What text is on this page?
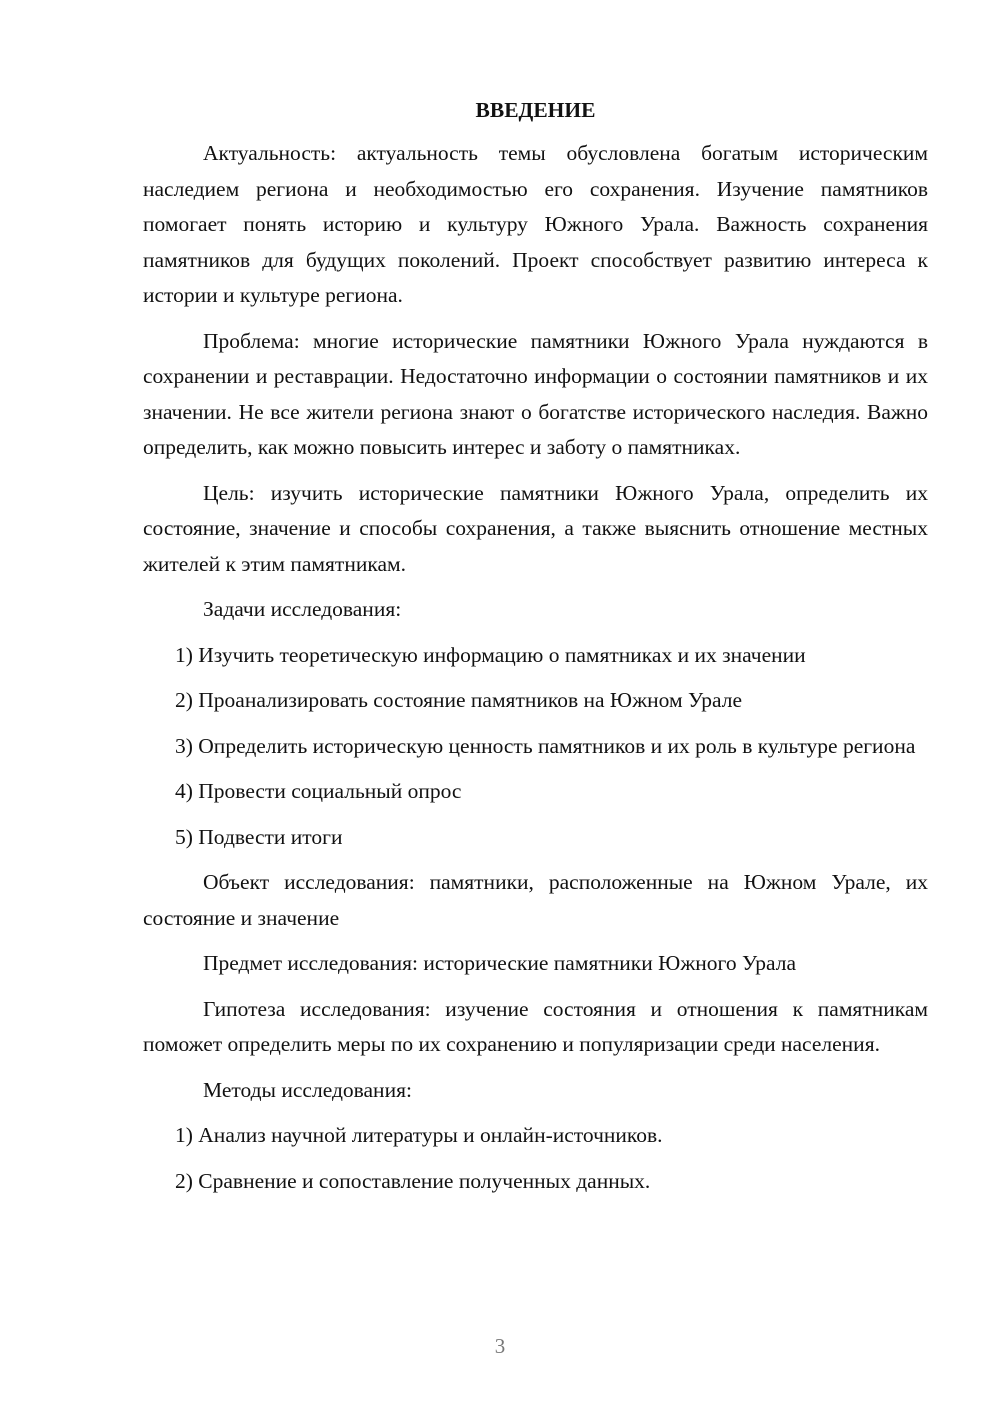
ВВЕДЕНИЕ

Актуальность: актуальность темы обусловлена богатым историческим наследием региона и необходимостью его сохранения. Изучение памятников помогает понять историю и культуру Южного Урала. Важность сохранения памятников для будущих поколений. Проект способствует развитию интереса к истории и культуре региона.

Проблема: многие исторические памятники Южного Урала нуждаются в сохранении и реставрации. Недостаточно информации о состоянии памятников и их значении. Не все жители региона знают о богатстве исторического наследия. Важно определить, как можно повысить интерес и заботу о памятниках.

Цель: изучить исторические памятники Южного Урала, определить их состояние, значение и способы сохранения, а также выяснить отношение местных жителей к этим памятникам.

Задачи исследования:

1) Изучить теоретическую информацию о памятниках и их значении

2) Проанализировать состояние памятников на Южном Урале

3) Определить историческую ценность памятников и их роль в культуре региона

4) Провести социальный опрос

5) Подвести итоги

Объект исследования: памятники, расположенные на Южном Урале, их состояние и значение

Предмет исследования: исторические памятники Южного Урала

Гипотеза исследования: изучение состояния и отношения к памятникам поможет определить меры по их сохранению и популяризации среди населения.

Методы исследования:

1) Анализ научной литературы и онлайн-источников.

2) Сравнение и сопоставление полученных данных.

3
